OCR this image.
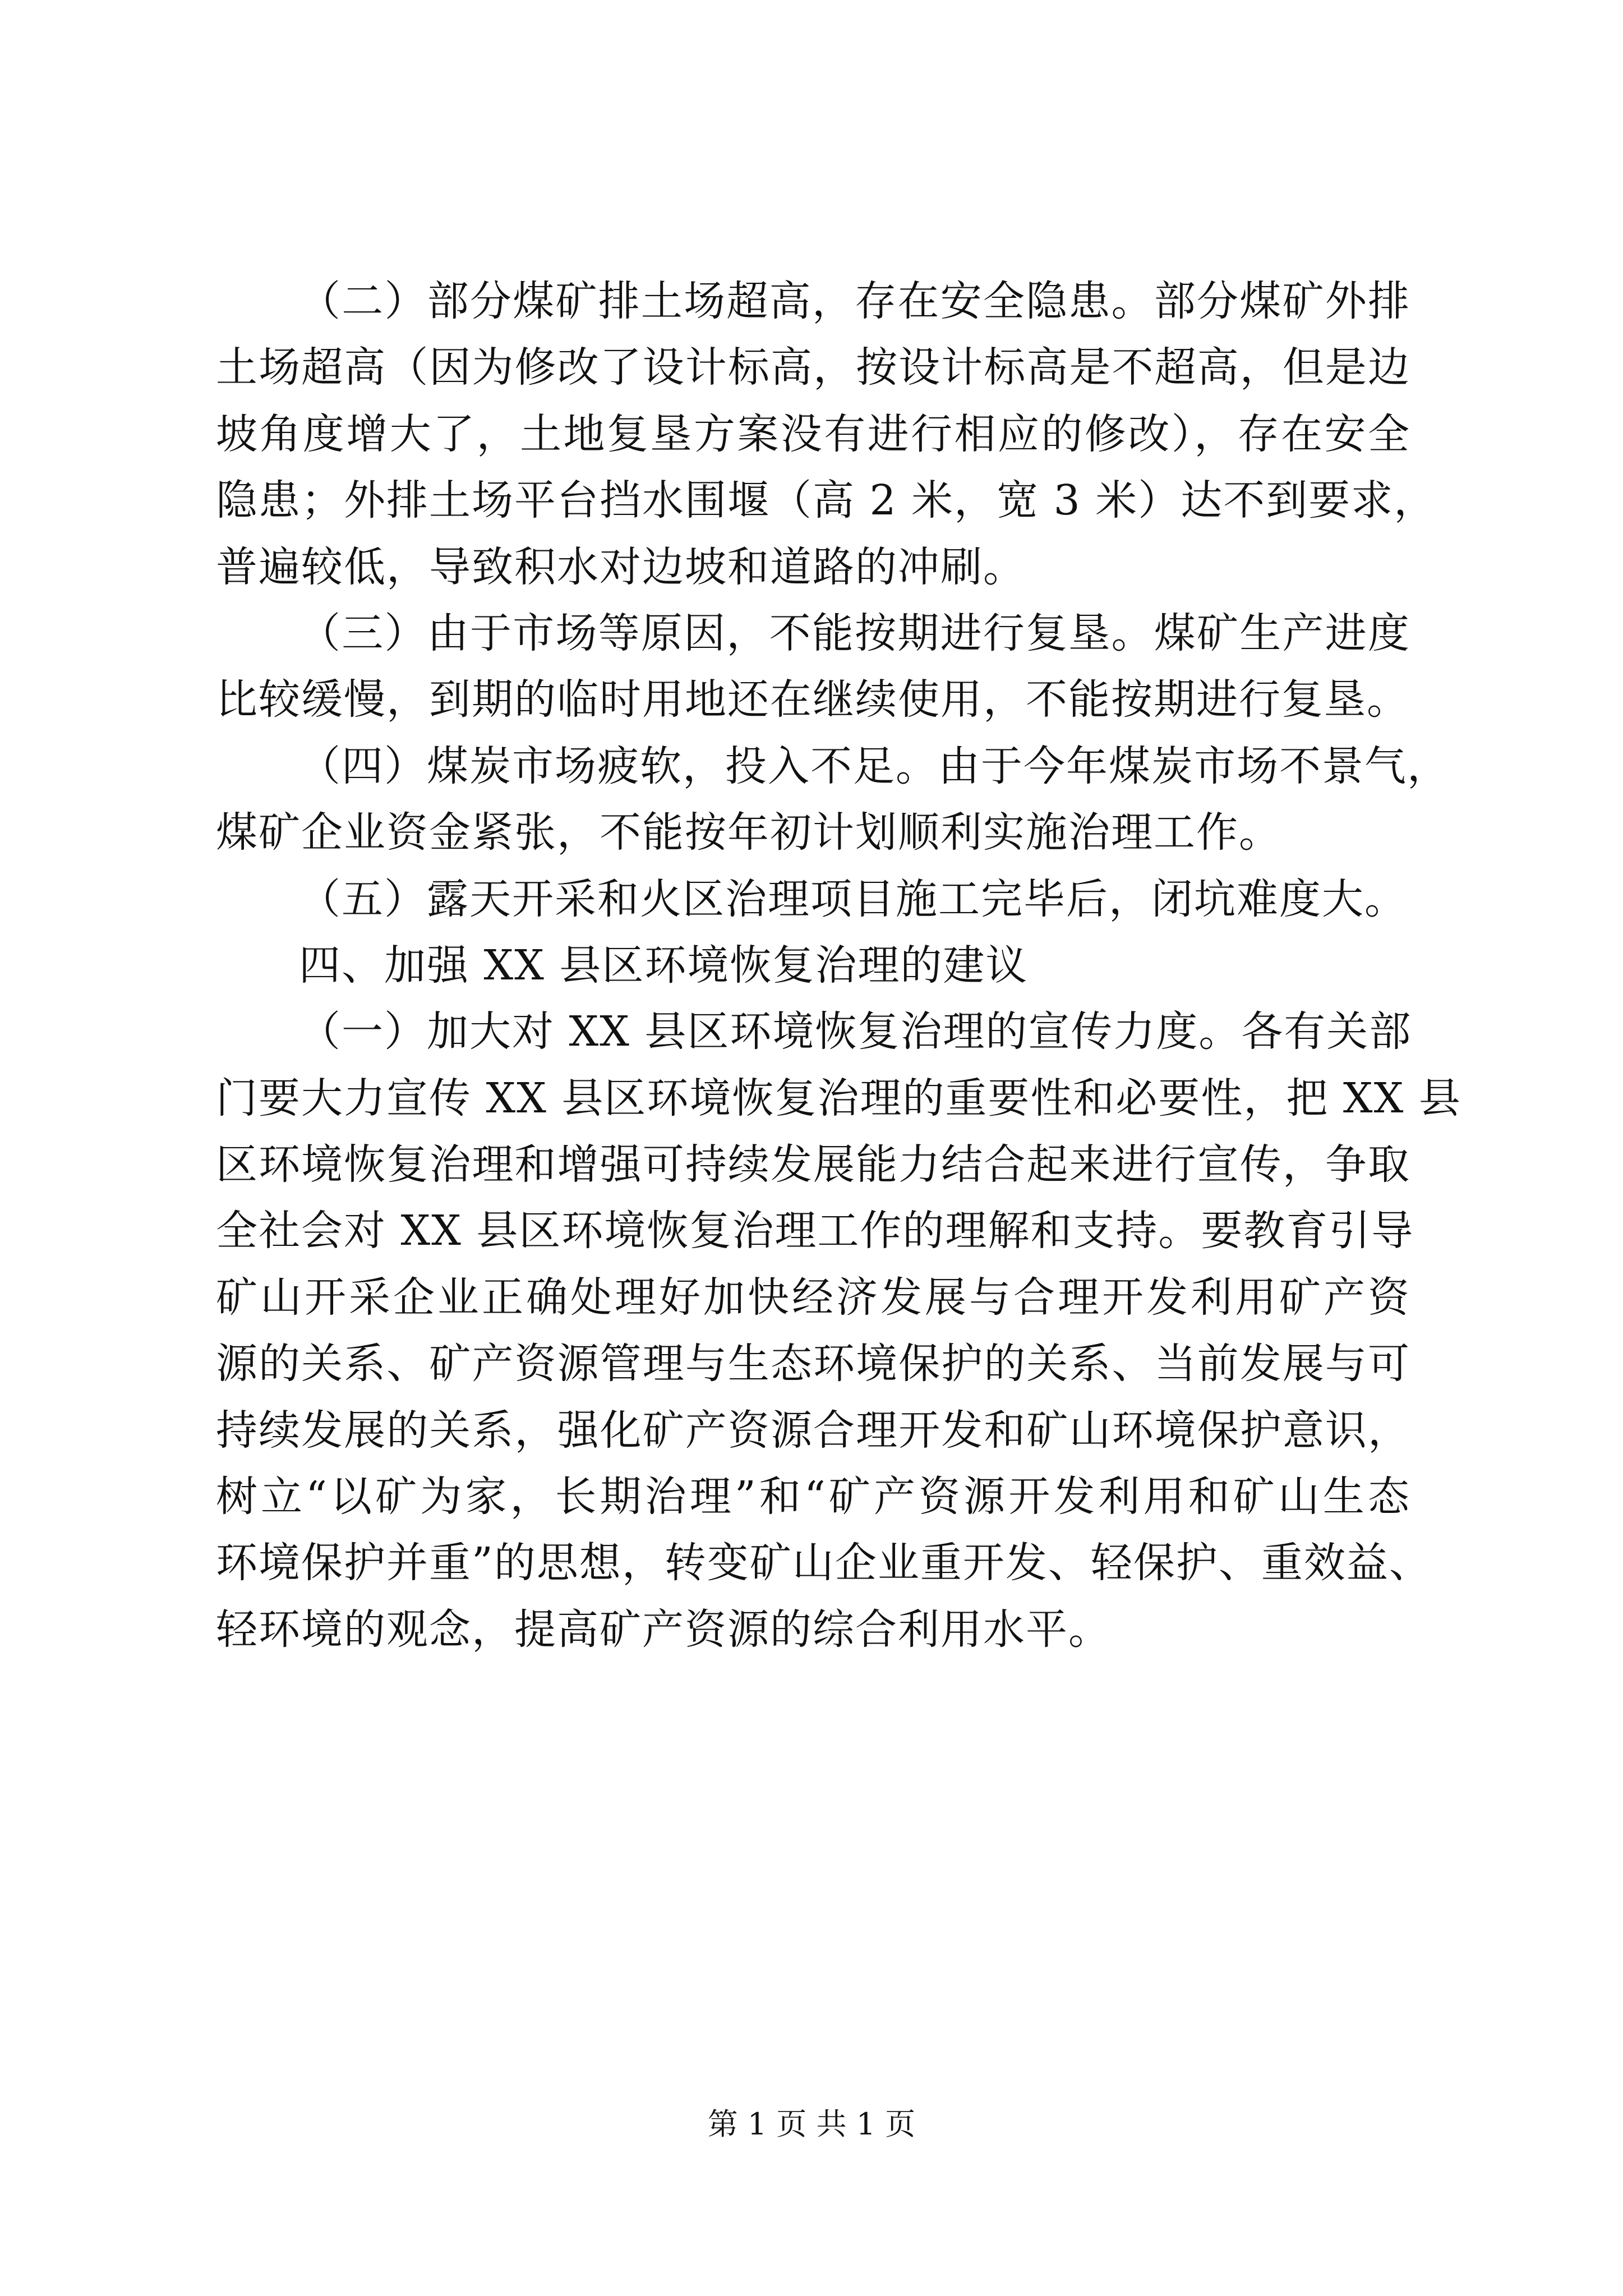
（二）部分煤矿排土场超高，存在安全隐患。部分煤矿外排
土场超高（因为修改了设计标高，按设计标高是不超高，但是边
坡角度增大了，土地复垦方案没有进行相应的修改），存在安全
隐患；外排土场平台挡水围堰（高 2 米，宽 3 米）达不到要求，
普遍较低，导致积水对边坡和道路的冲刷。
（三）由于市场等原因，不能按期进行复垦。煤矿生产进度
比较缓慢，到期的临时用地还在继续使用，不能按期进行复垦。
（四）煤炭市场疲软，投入不足。由于今年煤炭市场不景气，
煤矿企业资金紧张，不能按年初计划顺利实施治理工作。
（五）露天开采和火区治理项目施工完毕后，闭坑难度大。
四、加强 XX 县区环境恢复治理的建议
（一）加大对 XX 县区环境恢复治理的宣传力度。各有关部
门要大力宣传 XX 县区环境恢复治理的重要性和必要性，把 XX 县
区环境恢复治理和增强可持续发展能力结合起来进行宣传，争取
全社会对 XX 县区环境恢复治理工作的理解和支持。要教育引导
矿山开采企业正确处理好加快经济发展与合理开发利用矿产资
源的关系、矿产资源管理与生态环境保护的关系、当前发展与可
持续发展的关系，强化矿产资源合理开发和矿山环境保护意识，
树立“以矿为家，长期治理”和“矿产资源开发利用和矿山生态
环境保护并重”的思想，转变矿山企业重开发、轻保护、重效益、
轻环境的观念，提高矿产资源的综合利用水平。
第 1 页 共 1 页
